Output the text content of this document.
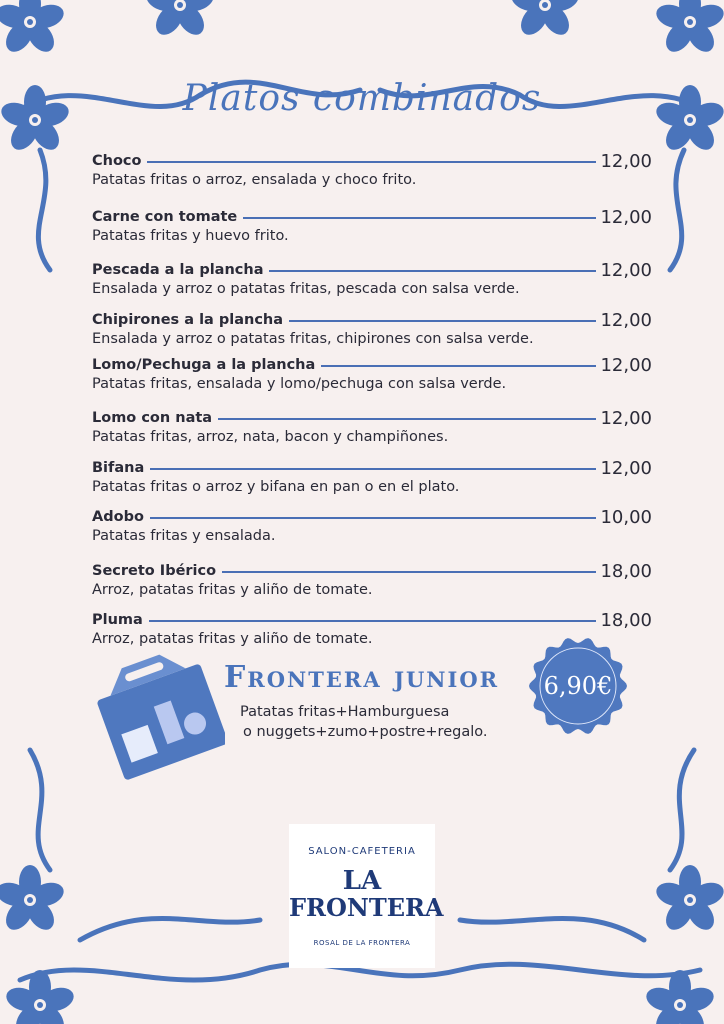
Platos combinados
Choco	12,00
Patatas fritas o arroz, ensalada y choco frito.
Carne con tomate	12,00
Patatas fritas y huevo frito.
Pescada a la plancha	12,00
Ensalada y arroz o patatas fritas, pescada con salsa verde.
Chipirones a la plancha	12,00
Ensalada y arroz o patatas fritas, chipirones con salsa verde.
Lomo/Pechuga a la plancha	12,00
Patatas fritas, ensalada y lomo/pechuga con salsa verde.
Lomo con nata	12,00
Patatas fritas, arroz, nata, bacon y champiñones.
Bifana	12,00
Patatas fritas o arroz y bifana en pan o en el plato.
Adobo	10,00
Patatas fritas y ensalada.
Secreto Ibérico	18,00
Arroz, patatas fritas y aliño de tomate.
Pluma	18,00
Arroz, patatas fritas y aliño de tomate.
Frontera junior
Patatas fritas+Hamburguesa
o nuggets+zumo+postre+regalo.
6,90€
SALON-CAFETERIA
LA
FRONTERA
ROSAL DE LA FRONTERA
